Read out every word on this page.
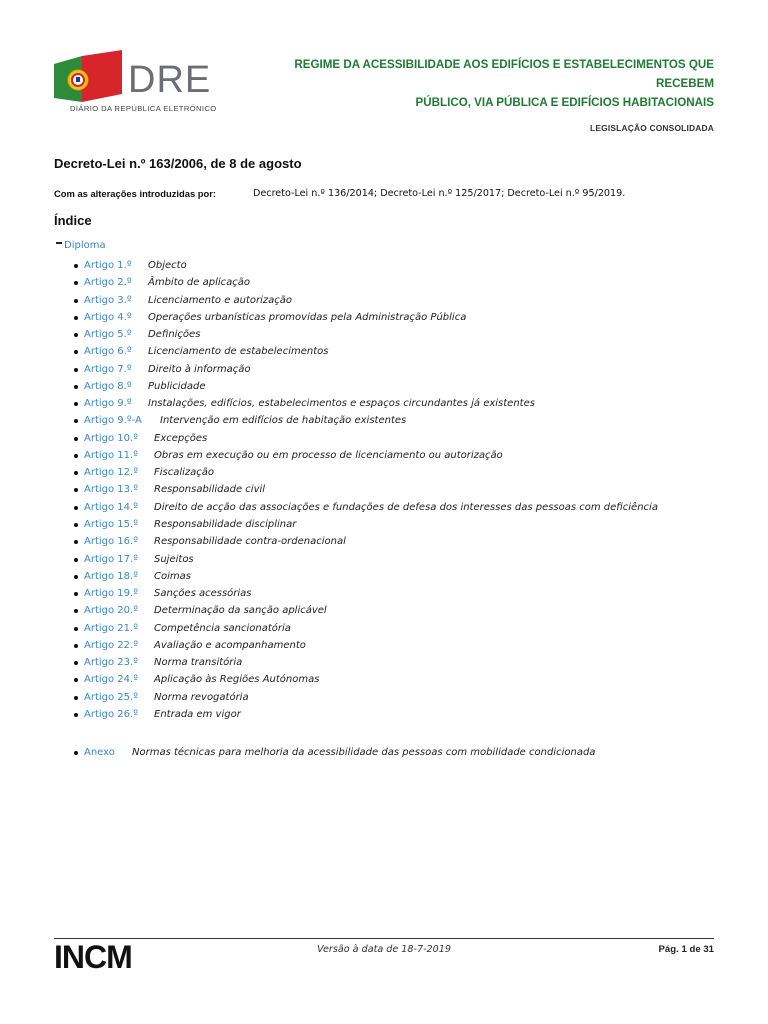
DRE
DIÁRIO DA REPÚBLICA ELETRÓNICO
REGIME DA ACESSIBILIDADE AOS EDIFÍCIOS E ESTABELECIMENTOS QUE RECEBEM
PÚBLICO, VIA PÚBLICA E EDIFÍCIOS HABITACIONAIS
LEGISLAÇÃO CONSOLIDADA
Decreto-Lei n.º 163/2006, de 8 de agosto
Com as alterações introduzidas por:	Decreto-Lei n.º 136/2014; Decreto-Lei n.º 125/2017; Decreto-Lei n.º 95/2019.
Índice
Diploma
Artigo 1.º Objecto
Artigo 2.º Âmbito de aplicação
Artigo 3.º Licenciamento e autorização
Artigo 4.º Operações urbanísticas promovidas pela Administração Pública
Artigo 5.º Definições
Artigo 6.º Licenciamento de estabelecimentos
Artigo 7.º Direito à informação
Artigo 8.º Publicidade
Artigo 9.º Instalações, edifícios, estabelecimentos e espaços circundantes já existentes
Artigo 9.º-A Intervenção em edifícios de habitação existentes
Artigo 10.º Excepções
Artigo 11.º Obras em execução ou em processo de licenciamento ou autorização
Artigo 12.º Fiscalização
Artigo 13.º Responsabilidade civil
Artigo 14.º Direito de acção das associações e fundações de defesa dos interesses das pessoas com deficiência
Artigo 15.º Responsabilidade disciplinar
Artigo 16.º Responsabilidade contra-ordenacional
Artigo 17.º Sujeitos
Artigo 18.º Coimas
Artigo 19.º Sanções acessórias
Artigo 20.º Determinação da sanção aplicável
Artigo 21.º Competência sancionatória
Artigo 22.º Avaliação e acompanhamento
Artigo 23.º Norma transitória
Artigo 24.º Aplicação às Regiões Autónomas
Artigo 25.º Norma revogatória
Artigo 26.º Entrada em vigor
Anexo Normas técnicas para melhoria da acessibilidade das pessoas com mobilidade condicionada
INCM	Versão à data de 18-7-2019	Pág. 1 de 31
